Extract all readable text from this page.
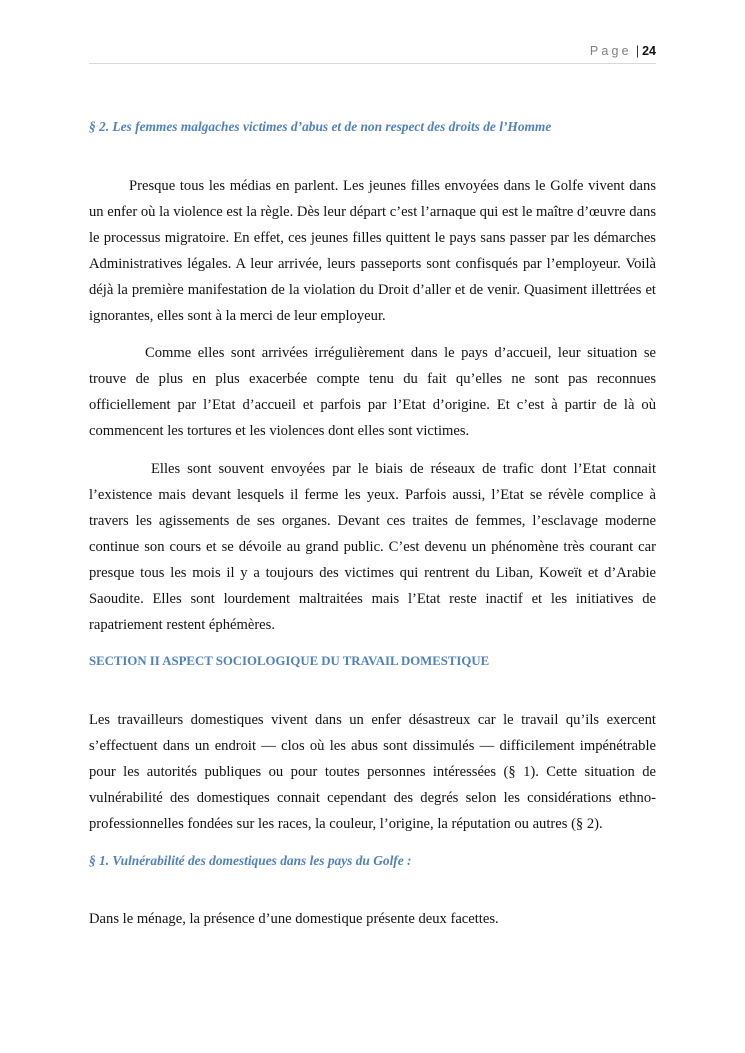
Page | 24
§ 2. Les femmes malgaches victimes d’abus et de non respect des droits de l’Homme

Presque tous les médias en parlent. Les jeunes filles envoyées dans le Golfe vivent dans un enfer où la violence est la règle. Dès leur départ c’est l’arnaque qui est le maître d’œuvre dans le processus migratoire. En effet, ces jeunes filles quittent le pays sans passer par les démarches Administratives légales. A leur arrivée, leurs passeports sont confisqués par l’employeur. Voilà déjà la première manifestation de la violation du Droit d’aller et de venir. Quasiment illettrées et ignorantes, elles sont à la merci de leur employeur.

Comme elles sont arrivées irrégulièrement dans le pays d’accueil, leur situation se trouve de plus en plus exacerbée compte tenu du fait qu’elles ne sont pas reconnues officiellement par l’Etat d’accueil et parfois par l’Etat d’origine. Et c’est à partir de là où commencent les tortures et les violences dont elles sont victimes.

Elles sont souvent envoyées par le biais de réseaux de trafic dont l’Etat connait l’existence mais devant lesquels il ferme les yeux. Parfois aussi, l’Etat se révèle complice à travers les agissements de ses organes. Devant ces traites de femmes, l’esclavage moderne continue son cours et se dévoile au grand public. C’est devenu un phénomène très courant car presque tous les mois il y a toujours des victimes qui rentrent du Liban, Koweït et d’Arabie Saoudite. Elles sont lourdement maltraitées mais l’Etat reste inactif et les initiatives de rapatriement restent éphémères.

SECTION II ASPECT SOCIOLOGIQUE DU TRAVAIL DOMESTIQUE

Les travailleurs domestiques vivent dans un enfer désastreux car le travail qu’ils exercent s’effectuent dans un endroit — clos où les abus sont dissimulés — difficilement impénétrable pour les autorités publiques ou pour toutes personnes intéressées (§ 1). Cette situation de vulnérabilité des domestiques connait cependant des degrés selon les considérations ethno-professionnelles fondées sur les races, la couleur, l’origine, la réputation ou autres (§ 2).

§ 1. Vulnérabilité des domestiques dans les pays du Golfe :

Dans le ménage, la présence d’une domestique présente deux facettes.
